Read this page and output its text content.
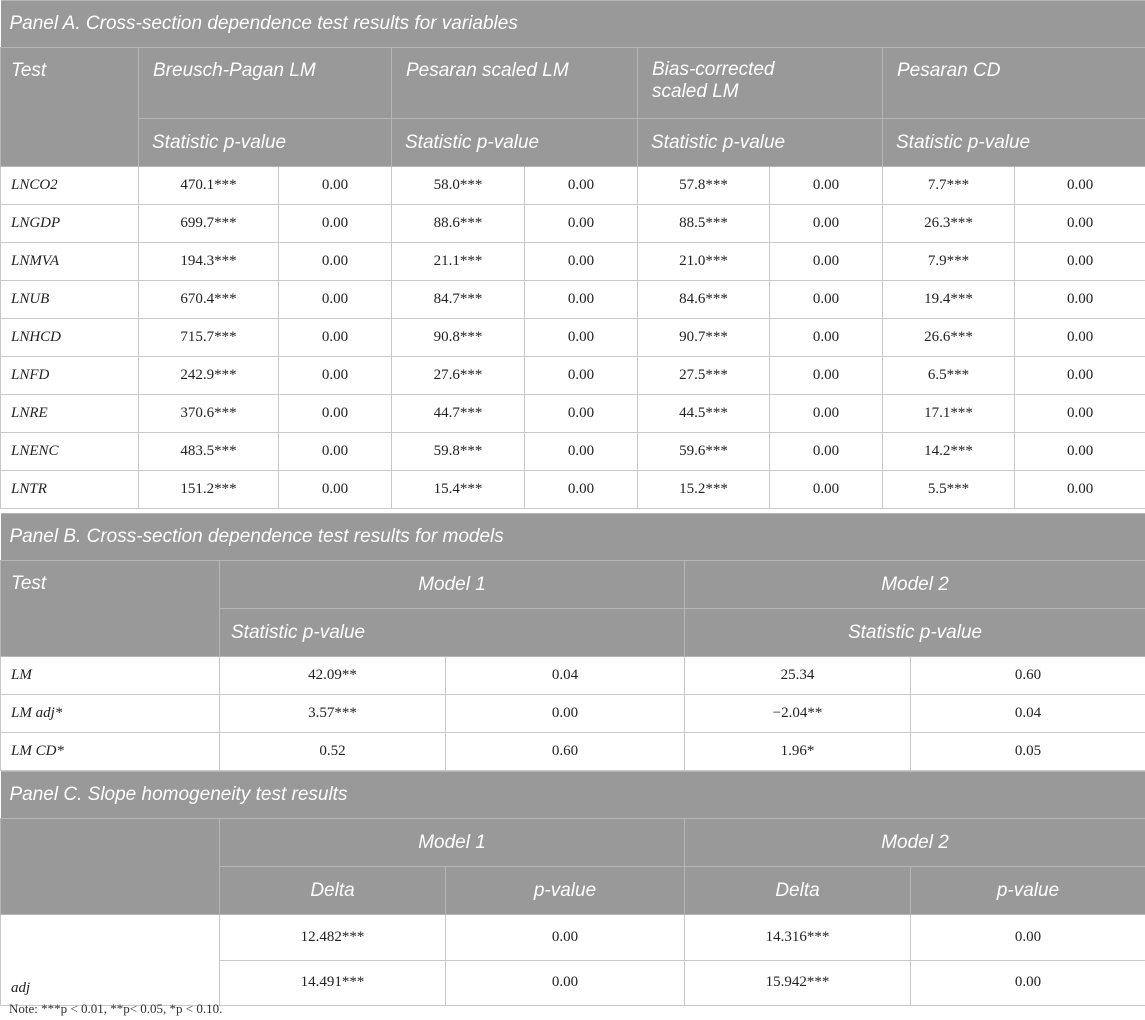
Panel A. Cross-section dependence test results for variables								
Test	Breusch-Pagan LM		Pesaran scaled LM		Bias-corrected scaled LM		Pesaran CD	
	Statistic p-value		Statistic p-value		Statistic p-value		Statistic p-value	
LNCO2	470.1***	0.00	58.0***	0.00	57.8***	0.00	7.7***	0.00
LNGDP	699.7***	0.00	88.6***	0.00	88.5***	0.00	26.3***	0.00
LNMVA	194.3***	0.00	21.1***	0.00	21.0***	0.00	7.9***	0.00
LNUB	670.4***	0.00	84.7***	0.00	84.6***	0.00	19.4***	0.00
LNHCD	715.7***	0.00	90.8***	0.00	90.7***	0.00	26.6***	0.00
LNFD	242.9***	0.00	27.6***	0.00	27.5***	0.00	6.5***	0.00
LNRE	370.6***	0.00	44.7***	0.00	44.5***	0.00	17.1***	0.00
LNENC	483.5***	0.00	59.8***	0.00	59.6***	0.00	14.2***	0.00
LNTR	151.2***	0.00	15.4***	0.00	15.2***	0.00	5.5***	0.00
Panel B. Cross-section dependence test results for models				
Test	Model 1		Model 2	
	Statistic p-value		Statistic p-value	
LM	42.09**	0.04	25.34	0.60
LM adj*	3.57***	0.00	−2.04**	0.04
LM CD*	0.52	0.60	1.96*	0.05
Panel C. Slope homogeneity test results				
	Model 1		Model 2	
	Delta	p-value	Delta	p-value
	12.482***	0.00	14.316***	0.00
adj	14.491***	0.00	15.942***	0.00
Note: ***p < 0.01, **p< 0.05, *p < 0.10.
